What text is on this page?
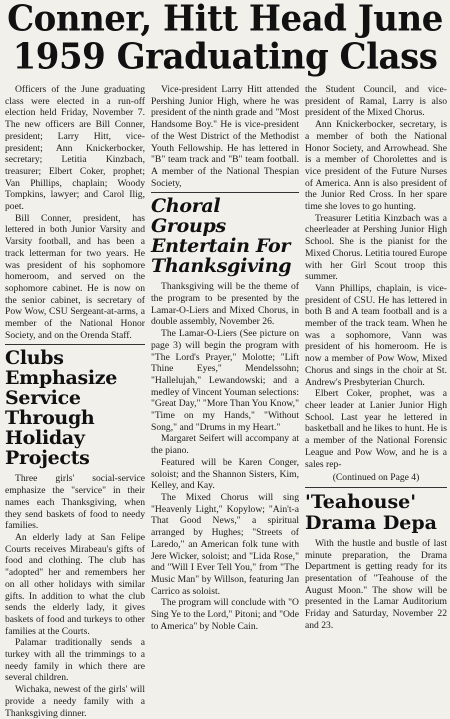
Conner, Hitt Head June
1959 Graduating Class

Officers of the June graduating class were elected in a run-off election held Friday, November 7. The new officers are Bill Conner, president; Larry Hitt, vice-president; Ann Knickerbocker, secretary; Letitia Kinzbach, treasurer; Elbert Coker, prophet; Van Phillips, chaplain; Woody Tompkins, lawyer; and Carol Ilig, poet.

Bill Conner, president, has lettered in both Junior Varsity and Varsity football, and has been a track letterman for two years. He was president of his sophomore homeroom, and served on the sophomore cabinet. He is now on the senior cabinet, is secretary of Pow Wow, CSU Sergeant-at-arms, a member of the National Honor Society, and on the Orenda Staff.

Clubs Emphasize
Service Through
Holiday Projects

Three girls' social-service emphasize the "service" in their names each Thanksgiving, when they send baskets of food to needy families.

An elderly lady at San Felipe Courts receives Mirabeau's gifts of food and clothing. The club has "adopted" her and remembers her on all other holidays with similar gifts. In addition to what the club sends the elderly lady, it gives baskets of food and turkeys to other families at the Courts.

Palamar traditionally sends a turkey with all the trimmings to a needy family in which there are several children.

Wichaka, newest of the girls' will provide a needy family with a Thanksgiving dinner.

Vice-president Larry Hitt attended Pershing Junior High, where he was president of the ninth grade and "Most Handsome Boy." He is vice-president of the West District of the Methodist Youth Fellowship. He has lettered in "B" team track and "B" team football. A member of the National Thespian Society,

Choral Groups
Entertain For
Thanksgiving

Thanksgiving will be the theme of the program to be presented by the Lamar-O-Liers and Mixed Chorus, in double assembly, November 26.

The Lamar-O-Liers (See picture on page 3) will begin the program with "The Lord's Prayer," Molotte; "Lift Thine Eyes," Mendelssohn; "Hallelujah," Lewandowski; and a medley of Vincent Youman selections: "Great Day," "More Than You Know," "Time on my Hands," "Without Song," and "Drums in my Heart."

Margaret Seifert will accompany at the piano.

Featured will be Karen Conger, soloist; and the Shannon Sisters, Kim, Kelley, and Kay.

The Mixed Chorus will sing "Heavenly Light," Kopylow; "Ain't-a That Good News," a spiritual arranged by Hughes; "Streets of Laredo," an American folk tune with Jere Wicker, soloist; and "Lida Rose," and "Will I Ever Tell You," from "The Music Man" by Willson, featuring Jan Carrico as soloist.

The program will conclude with "O Sing Ye to the Lord," Pitoni; and "Ode to America" by Noble Cain.

the Student Council, and vice-president of Ramal, Larry is also president of the Mixed Chorus.

Ann Knickerbocker, secretary, is a member of both the National Honor Society, and Arrowhead. She is a member of Chorolettes and is vice president of the Future Nurses of America. Ann is also president of the Junior Red Cross. In her spare time she loves to go hunting.

Treasurer Letitia Kinzbach was a cheerleader at Pershing Junior High School. She is the pianist for the Mixed Chorus. Letitia toured Europe with her Girl Scout troop this summer.

Vann Phillips, chaplain, is vice-president of CSU. He has lettered in both B and A team football and is a member of the track team. When he was a sophomore, Vann was president of his homeroom. He is now a member of Pow Wow, Mixed Chorus and sings in the choir at St. Andrew's Presbyterian Church.

Elbert Coker, prophet, was a cheer leader at Lanier Junior High School. Last year he lettered in basketball and he likes to hunt. He is a member of the National Forensic League and Pow Wow, and he is a sales rep-

(Continued on Page 4)

'Teahouse'
Drama Depa

With the hustle and bustle of last minute preparation, the Drama Department is getting ready for its presentation of "Teahouse of the August Moon." The show will be presented in the Lamar Auditorium Friday and Saturday, November 22 and 23.
